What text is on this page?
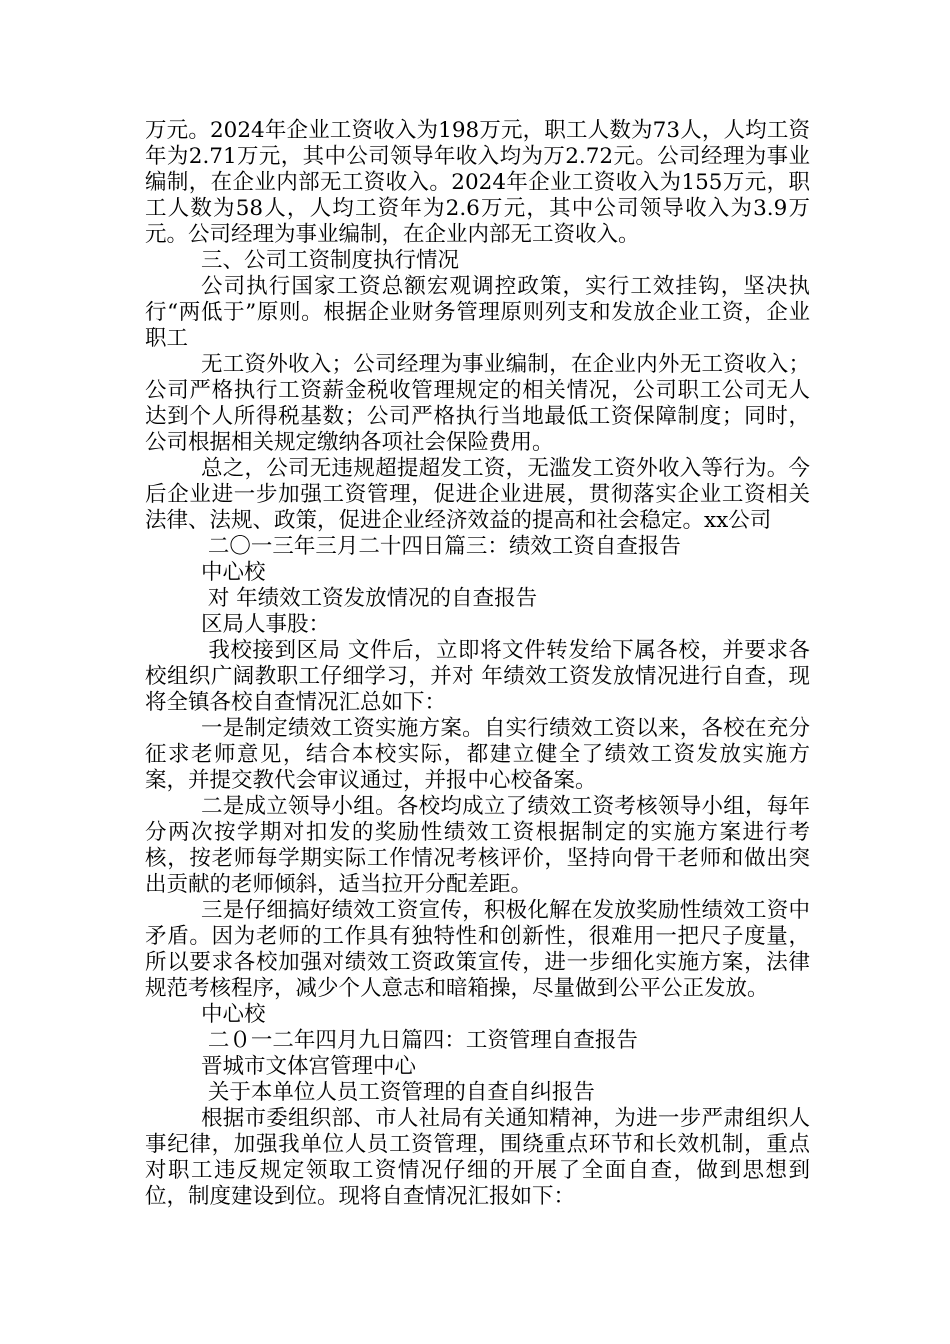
万元。2024年企业工资收入为198万元，职工人数为73人，人均工资年为2.71万元，其中公司领导年收入均为万2.72元。公司经理为事业编制，在企业内部无工资收入。2024年企业工资收入为155万元，职工人数为58人，人均工资年为2.6万元，其中公司领导收入为3.9万元。公司经理为事业编制，在企业内部无工资收入。

三、公司工资制度执行情况

公司执行国家工资总额宏观调控政策，实行工效挂钩，坚决执行“两低于”原则。根据企业财务管理原则列支和发放企业工资，企业职工

无工资外收入；公司经理为事业编制，在企业内外无工资收入；公司严格执行工资薪金税收管理规定的相关情况，公司职工公司无人达到个人所得税基数；公司严格执行当地最低工资保障制度；同时，公司根据相关规定缴纳各项社会保险费用。

总之，公司无违规超提超发工资，无滥发工资外收入等行为。今后企业进一步加强工资管理，促进企业进展，贯彻落实企业工资相关法律、法规、政策，促进企业经济效益的提高和社会稳定。xx公司

二〇一三年三月二十四日篇三：绩效工资自查报告

中心校

对 年绩效工资发放情况的自查报告

区局人事股：

我校接到区局 文件后，立即将文件转发给下属各校，并要求各校组织广阔教职工仔细学习，并对 年绩效工资发放情况进行自查，现将全镇各校自查情况汇总如下：

一是制定绩效工资实施方案。自实行绩效工资以来，各校在充分征求老师意见，结合本校实际，都建立健全了绩效工资发放实施方案，并提交教代会审议通过，并报中心校备案。

二是成立领导小组。各校均成立了绩效工资考核领导小组，每年分两次按学期对扣发的奖励性绩效工资根据制定的实施方案进行考核，按老师每学期实际工作情况考核评价，坚持向骨干老师和做出突出贡献的老师倾斜，适当拉开分配差距。

三是仔细搞好绩效工资宣传，积极化解在发放奖励性绩效工资中矛盾。因为老师的工作具有独特性和创新性，很难用一把尺子度量，所以要求各校加强对绩效工资政策宣传，进一步细化实施方案，法律规范考核程序，减少个人意志和暗箱操，尽量做到公平公正发放。

中心校

二０一二年四月九日篇四：工资管理自查报告

晋城市文体宫管理中心

关于本单位人员工资管理的自查自纠报告

根据市委组织部、市人社局有关通知精神，为进一步严肃组织人事纪律，加强我单位人员工资管理，围绕重点环节和长效机制，重点对职工违反规定领取工资情况仔细的开展了全面自查，做到思想到位，制度建设到位。现将自查情况汇报如下：
